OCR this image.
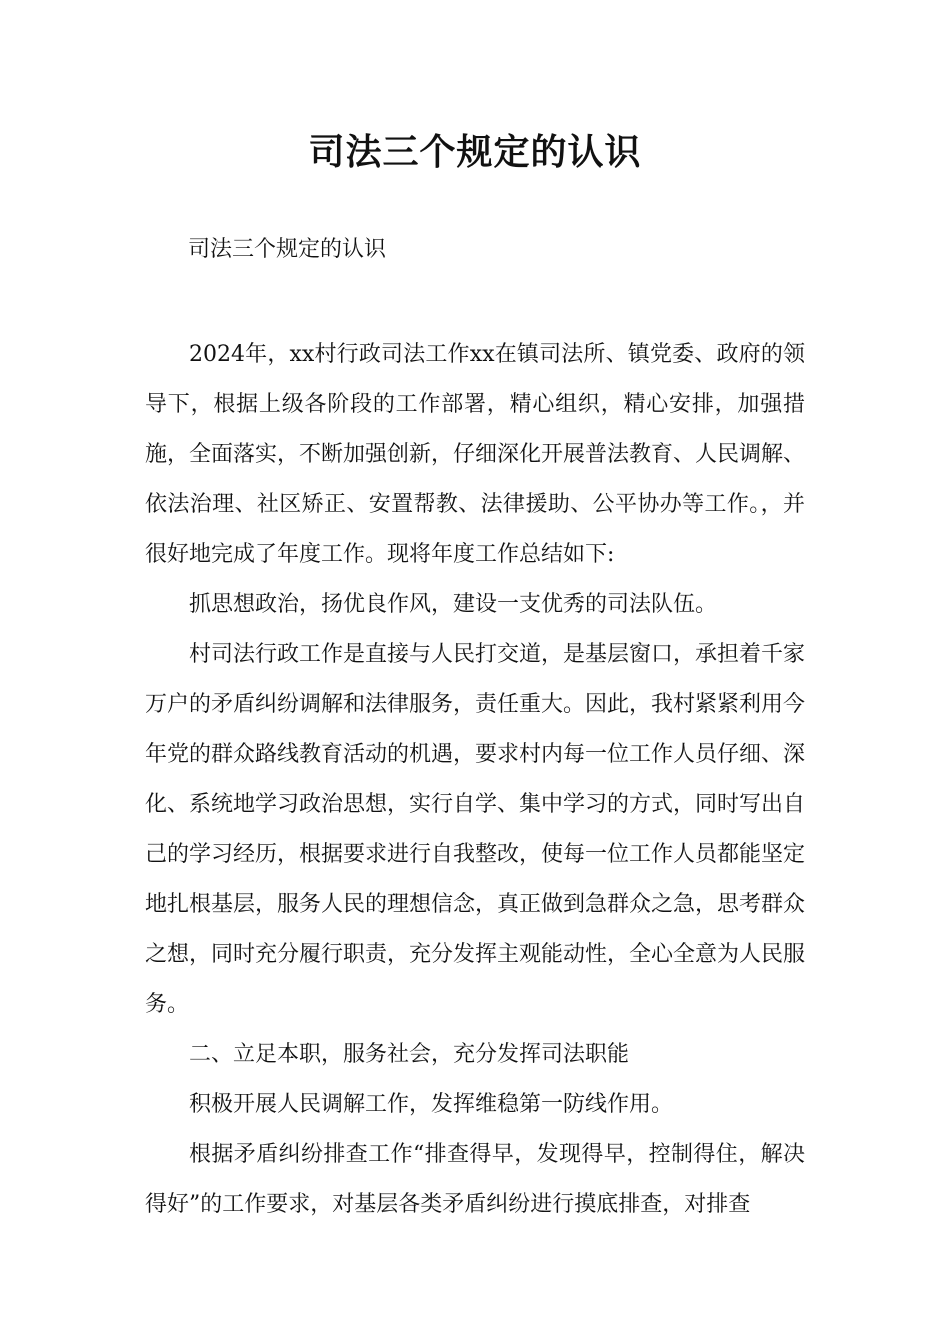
司法三个规定的认识
司法三个规定的认识

2024年，xx村行政司法工作xx在镇司法所、镇党委、政府的领导下，根据上级各阶段的工作部署，精心组织，精心安排，加强措施，全面落实，不断加强创新，仔细深化开展普法教育、人民调解、依法治理、社区矫正、安置帮教、法律援助、公平协办等工作。，并很好地完成了年度工作。现将年度工作总结如下:

抓思想政治，扬优良作风，建设一支优秀的司法队伍。

村司法行政工作是直接与人民打交道，是基层窗口，承担着千家万户的矛盾纠纷调解和法律服务，责任重大。因此，我村紧紧利用今年党的群众路线教育活动的机遇，要求村内每一位工作人员仔细、深化、系统地学习政治思想，实行自学、集中学习的方式，同时写出自己的学习经历，根据要求进行自我整改，使每一位工作人员都能坚定地扎根基层，服务人民的理想信念，真正做到急群众之急，思考群众之想，同时充分履行职责，充分发挥主观能动性，全心全意为人民服务。

二、立足本职，服务社会，充分发挥司法职能

积极开展人民调解工作，发挥维稳第一防线作用。

根据矛盾纠纷排查工作“排查得早，发现得早，控制得住，解决得好”的工作要求，对基层各类矛盾纠纷进行摸底排查，对排查
